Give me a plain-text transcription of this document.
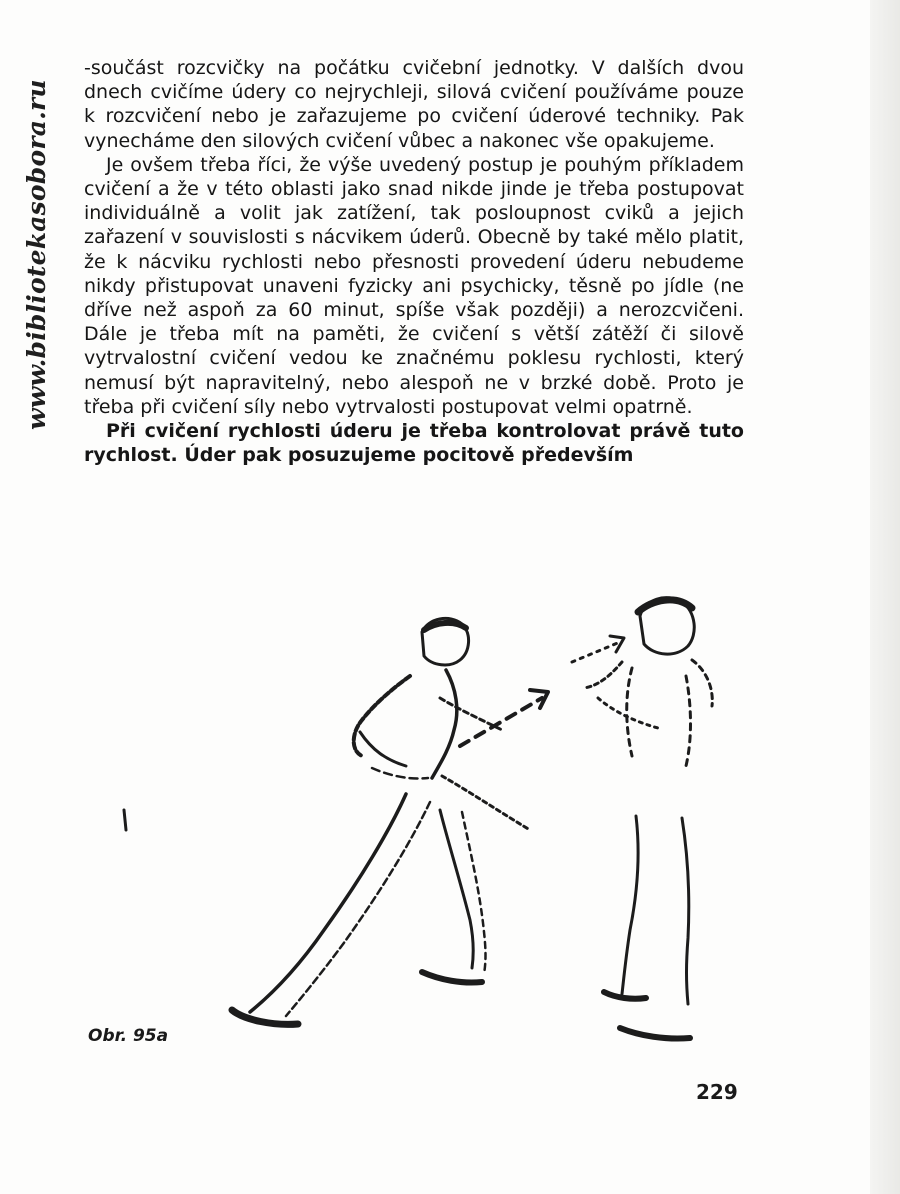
www.bibliotekasobora.ru

-součást rozcvičky na počátku cvičební jednotky. V dalších dvou dnech cvičíme údery co nejrychleji, silová cvičení používáme pouze k rozcvičení nebo je zařazujeme po cvičení úderové techniky. Pak vynecháme den silových cvičení vůbec a nakonec vše opakujeme.

Je ovšem třeba říci, že výše uvedený postup je pouhým příkladem cvičení a že v této oblasti jako snad nikde jinde je třeba postupovat individuálně a volit jak zatížení, tak posloupnost cviků a jejich zařazení v souvislosti s nácvikem úderů. Obecně by také mělo platit, že k nácviku rychlosti nebo přesnosti provedení úderu nebudeme nikdy přistupovat unaveni fyzicky ani psychicky, těsně po jídle (ne dříve než aspoň za 60 minut, spíše však později) a nerozcvičeni. Dále je třeba mít na paměti, že cvičení s větší zátěží či silově vytrvalostní cvičení vedou ke značnému poklesu rychlosti, který nemusí být napravitelný, nebo alespoň ne v brzké době. Proto je třeba při cvičení síly nebo vytrvalosti postupovat velmi opatrně.

Při cvičení rychlosti úderu je třeba kontrolovat právě tuto rychlost. Úder pak posuzujeme pocitově především

Obr. 95a
229
